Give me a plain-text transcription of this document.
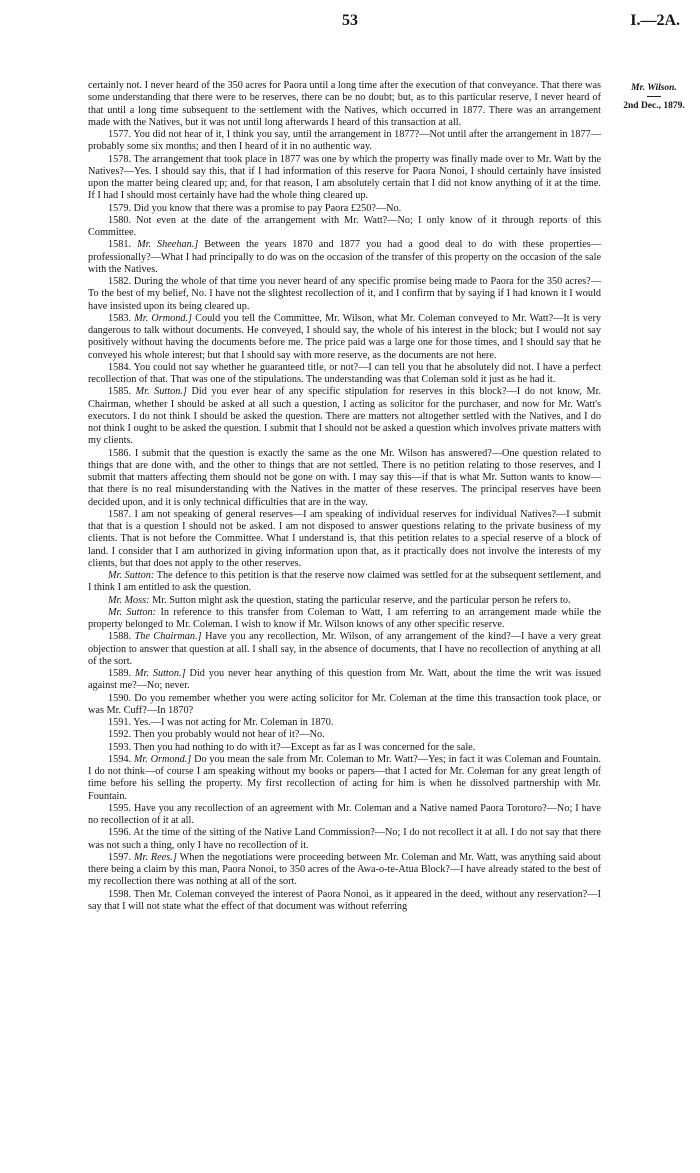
53	I.—2A.
Mr. Wilson.
2nd Dec., 1879.

certainly not. I never heard of the 350 acres for Paora until a long time after the execution of that conveyance. That there was some understanding that there were to be reserves, there can be no doubt; but, as to this particular reserve, I never heard of that until a long time subsequent to the settlement with the Natives, which occurred in 1877. There was an arrangement made with the Natives, but it was not until long afterwards I heard of this transaction at all.

1577. You did not hear of it, I think you say, until the arrangement in 1877?—Not until after the arrangement in 1877—probably some six months; and then I heard of it in no authentic way.

1578. The arrangement that took place in 1877 was one by which the property was finally made over to Mr. Watt by the Natives?—Yes. I should say this, that if I had information of this reserve for Paora Nonoi, I should certainly have insisted upon the matter being cleared up; and, for that reason, I am absolutely certain that I did not know anything of it at the time. If I had I should most certainly have had the whole thing cleared up.

1579. Did you know that there was a promise to pay Paora £250?—No.

1580. Not even at the date of the arrangement with Mr. Watt?—No; I only know of it through reports of this Committee.

1581. Mr. Sheehan.] Between the years 1870 and 1877 you had a good deal to do with these properties—professionally?—What I had principally to do was on the occasion of the transfer of this property on the occasion of the sale with the Natives.

1582. During the whole of that time you never heard of any specific promise being made to Paora for the 350 acres?—To the best of my belief, No. I have not the slightest recollection of it, and I confirm that by saying if I had known it I would have insisted upon its being cleared up.

1583. Mr. Ormond.] Could you tell the Committee, Mr. Wilson, what Mr. Coleman conveyed to Mr. Watt?—It is very dangerous to talk without documents. He conveyed, I should say, the whole of his interest in the block; but I would not say positively without having the documents before me. The price paid was a large one for those times, and I should say that he conveyed his whole interest; but that I should say with more reserve, as the documents are not here.

1584. You could not say whether he guaranteed title, or not?—I can tell you that he absolutely did not. I have a perfect recollection of that. That was one of the stipulations. The understanding was that Coleman sold it just as he had it.

1585. Mr. Sutton.] Did you ever hear of any specific stipulation for reserves in this block?—I do not know, Mr. Chairman, whether I should be asked at all such a question, I acting as solicitor for the purchaser, and now for Mr. Watt's executors. I do not think I should be asked the question. There are matters not altogether settled with the Natives, and I do not think I ought to be asked the question. I submit that I should not be asked a question which involves private matters with my clients.

1586. I submit that the question is exactly the same as the one Mr. Wilson has answered?—One question related to things that are done with, and the other to things that are not settled. There is no petition relating to those reserves, and I submit that matters affecting them should not be gone on with. I may say this—if that is what Mr. Sutton wants to know—that there is no real misunderstanding with the Natives in the matter of these reserves. The principal reserves have been decided upon, and it is only technical difficulties that are in the way.

1587. I am not speaking of general reserves—I am speaking of individual reserves for individual Natives?—I submit that that is a question I should not be asked. I am not disposed to answer questions relating to the private business of my clients. That is not before the Committee. What I understand is, that this petition relates to a special reserve of a block of land. I consider that I am authorized in giving information upon that, as it practically does not involve the interests of my clients, but that does not apply to the other reserves.

Mr. Sutton: The defence to this petition is that the reserve now claimed was settled for at the subsequent settlement, and I think I am entitled to ask the question.

Mr. Moss: Mr. Sutton might ask the question, stating the particular reserve, and the particular person he refers to.

Mr. Sutton: In reference to this transfer from Coleman to Watt, I am referring to an arrangement made while the property belonged to Mr. Coleman. I wish to know if Mr. Wilson knows of any other specific reserve.

1588. The Chairman.] Have you any recollection, Mr. Wilson, of any arrangement of the kind?—I have a very great objection to answer that question at all. I shall say, in the absence of documents, that I have no recollection of anything at all of the sort.

1589. Mr. Sutton.] Did you never hear anything of this question from Mr. Watt, about the time the writ was issued against me?—No; never.

1590. Do you remember whether you were acting solicitor for Mr. Coleman at the time this transaction took place, or was Mr. Cuff?—In 1870?

1591. Yes.—I was not acting for Mr. Coleman in 1870.

1592. Then you probably would not hear of it?—No.

1593. Then you had nothing to do with it?—Except as far as I was concerned for the sale.

1594. Mr. Ormond.] Do you mean the sale from Mr. Coleman to Mr. Watt?—Yes; in fact it was Coleman and Fountain. I do not think—of course I am speaking without my books or papers—that I acted for Mr. Coleman for any great length of time before his selling the property. My first recollection of acting for him is when he dissolved partnership with Mr. Fountain.

1595. Have you any recollection of an agreement with Mr. Coleman and a Native named Paora Torotoro?—No; I have no recollection of it at all.

1596. At the time of the sitting of the Native Land Commission?—No; I do not recollect it at all. I do not say that there was not such a thing, only I have no recollection of it.

1597. Mr. Rees.] When the negotiations were proceeding between Mr. Coleman and Mr. Watt, was anything said about there being a claim by this man, Paora Nonoi, to 350 acres of the Awa-o-te-Atua Block?—I have already stated to the best of my recollection there was nothing at all of the sort.

1598. Then Mr. Coleman conveyed the interest of Paora Nonoi, as it appeared in the deed, without any reservation?—I say that I will not state what the effect of that document was without referring
